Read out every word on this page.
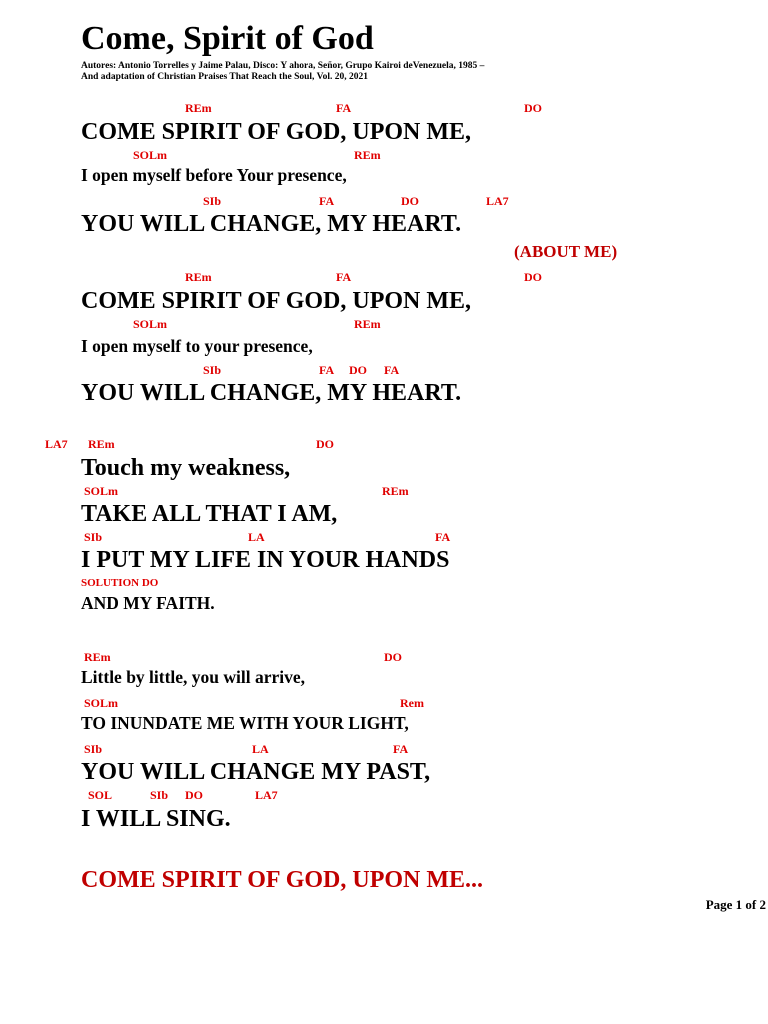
Come, Spirit of God
Autores: Antonio Torrelles y Jaime Palau, Disco: Y ahora, Señor, Grupo Kairoi deVenezuela, 1985 –
And adaptation of Christian Praises That Reach the Soul, Vol. 20, 2021
REm	FA	DO
COME SPIRIT OF GOD, UPON ME,
SOLm	REm
I open myself before Your presence,
SIb	FA	DO	LA7
YOU WILL CHANGE, MY HEART.
(ABOUT ME)
REm	FA	DO
COME SPIRIT OF GOD, UPON ME,
SOLm	REm
I open myself to your presence,
SIb	FA DO FA
YOU WILL CHANGE, MY HEART.
LA7 REm	DO
Touch my weakness,
SOLm	REm
TAKE ALL THAT I AM,
SIb	LA	FA
I PUT MY LIFE IN YOUR HANDS
SOLUTION DO
AND MY FAITH.
REm	DO
Little by little, you will arrive,
SOLm	Rem
TO INUNDATE ME WITH YOUR LIGHT,
SIb	LA	FA
YOU WILL CHANGE MY PAST,
SOL	SIb DO	LA7
I WILL SING.
COME SPIRIT OF GOD, UPON ME...
Page 1 of 2
